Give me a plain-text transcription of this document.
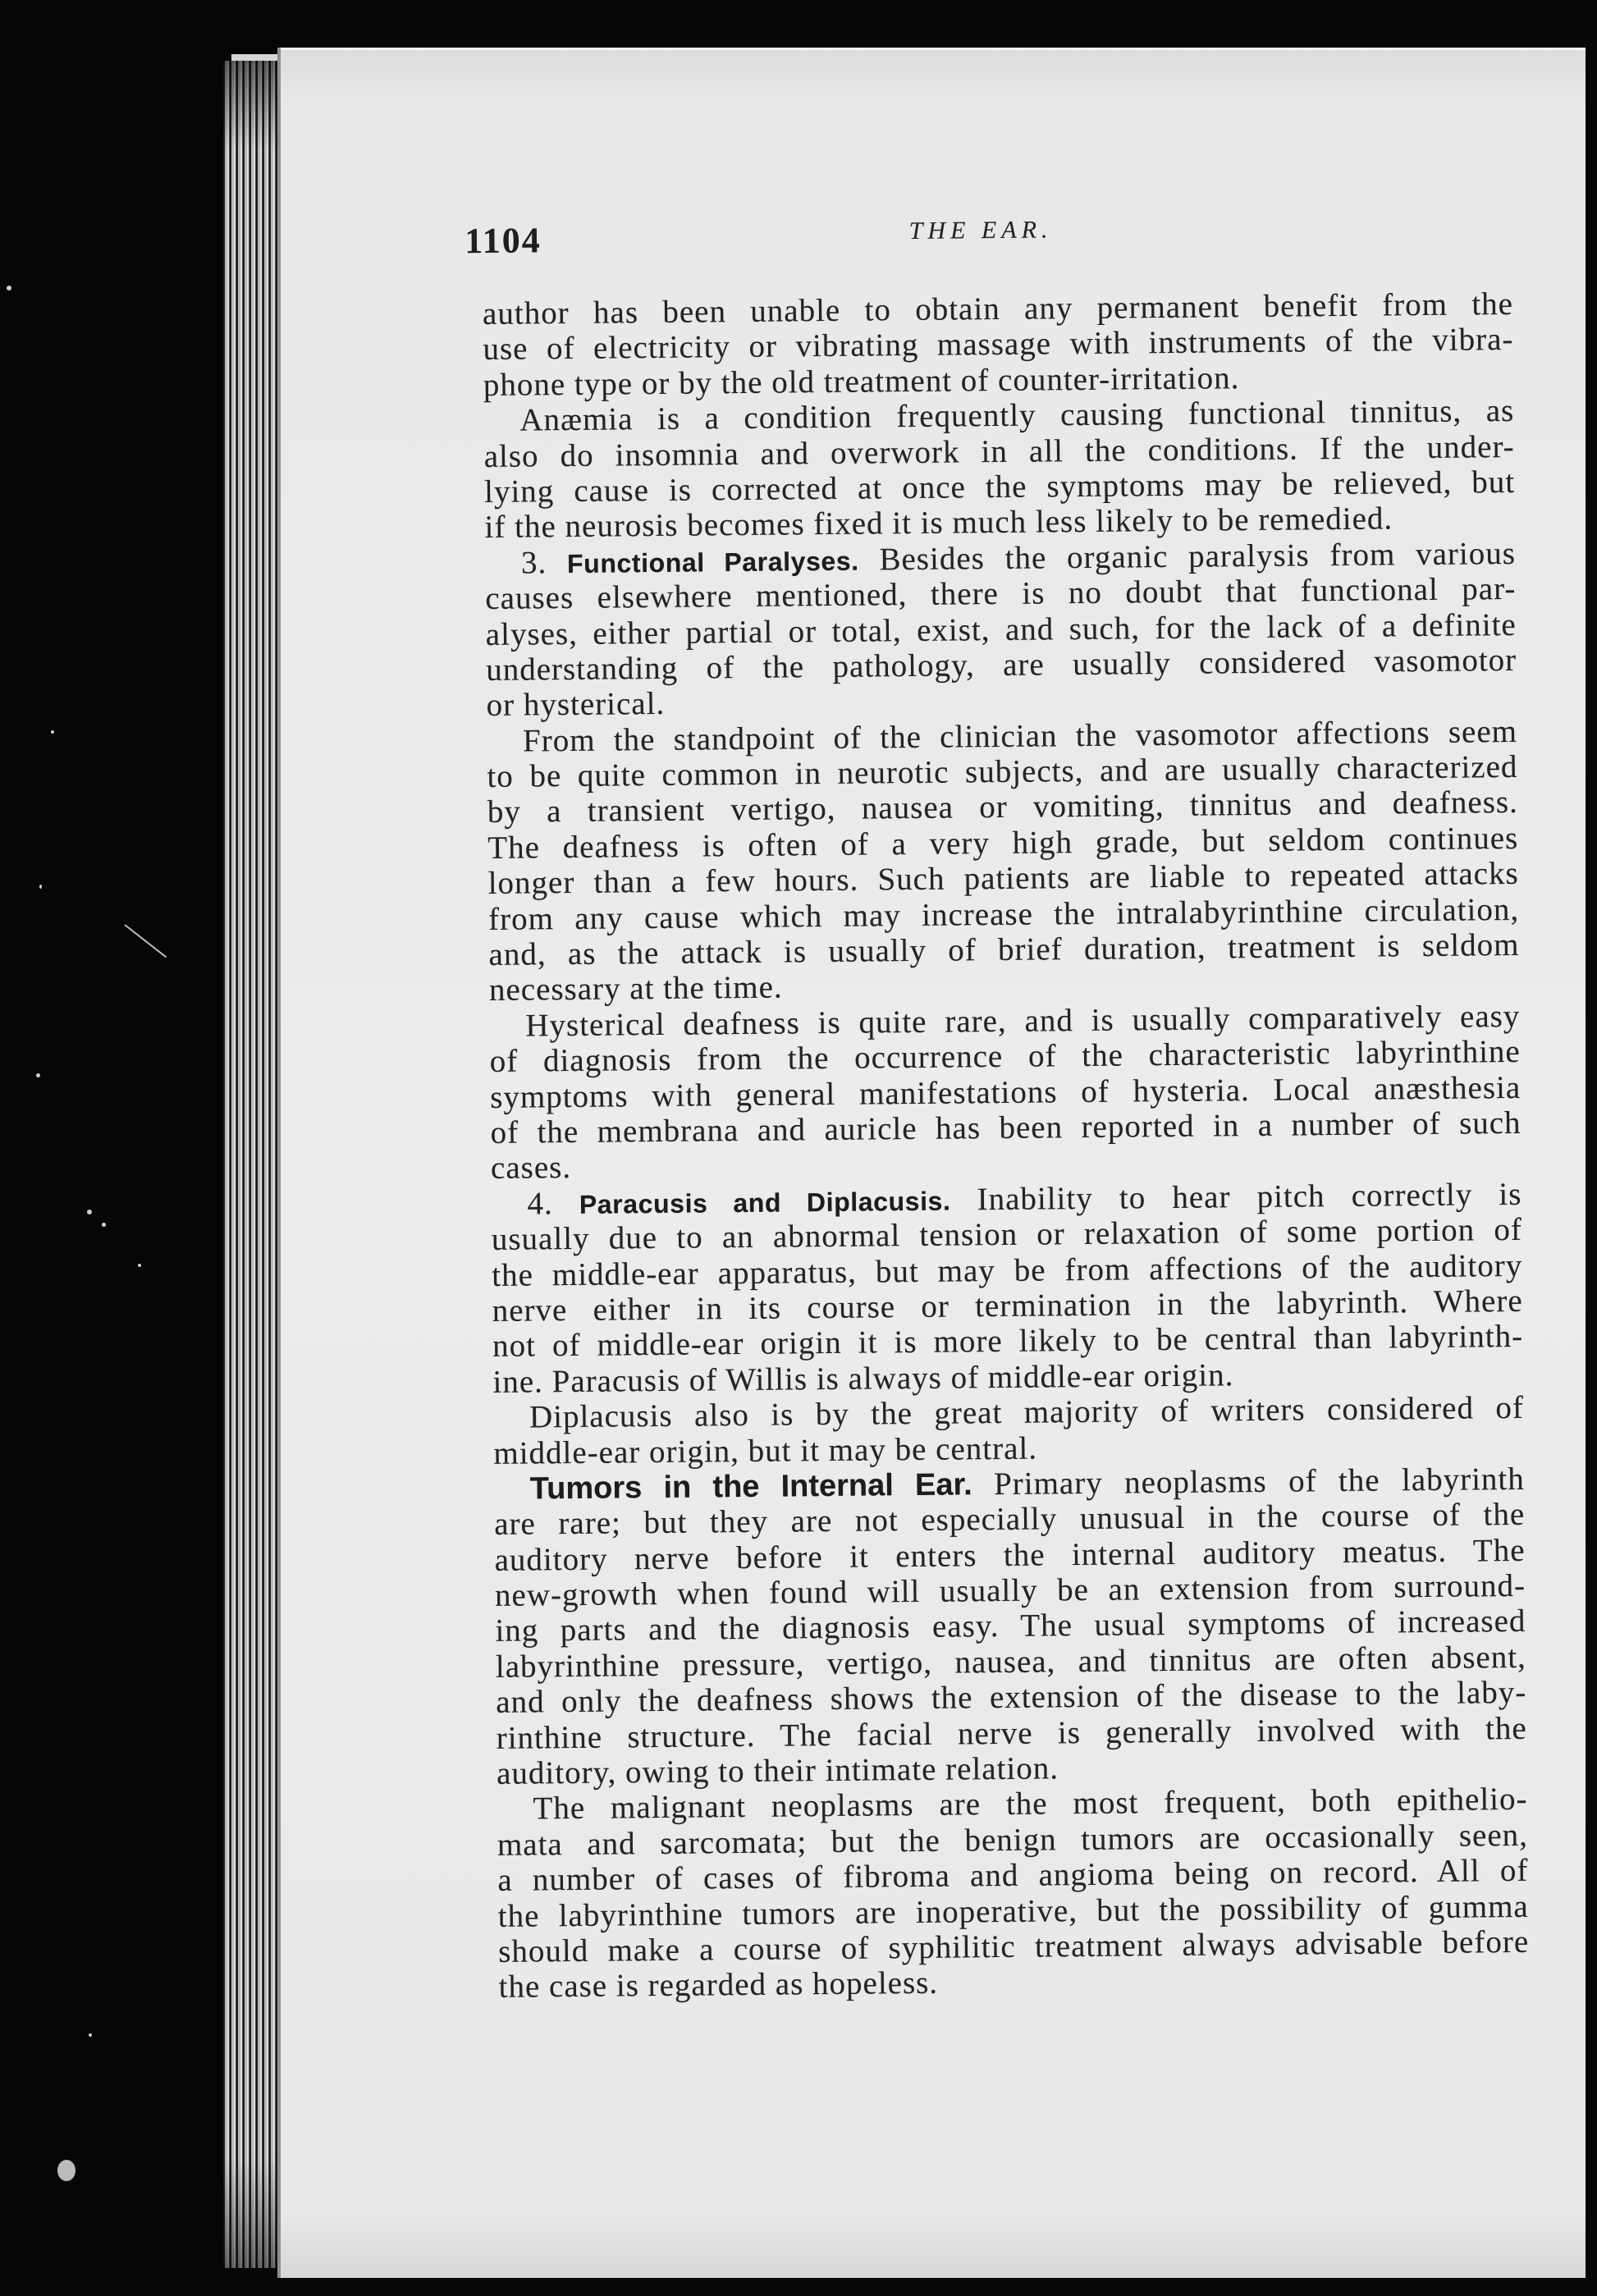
1104	THE EAR.
author has been unable to obtain any permanent benefit from the
use of electricity or vibrating massage with instruments of the vibra-
phone type or by the old treatment of counter-irritation.
Anæmia is a condition frequently causing functional tinnitus, as
also do insomnia and overwork in all the conditions. If the under-
lying cause is corrected at once the symptoms may be relieved, but
if the neurosis becomes fixed it is much less likely to be remedied.
3. Functional Paralyses. Besides the organic paralysis from various
causes elsewhere mentioned, there is no doubt that functional par-
alyses, either partial or total, exist, and such, for the lack of a definite
understanding of the pathology, are usually considered vasomotor
or hysterical.
From the standpoint of the clinician the vasomotor affections seem
to be quite common in neurotic subjects, and are usually characterized
by a transient vertigo, nausea or vomiting, tinnitus and deafness.
The deafness is often of a very high grade, but seldom continues
longer than a few hours. Such patients are liable to repeated attacks
from any cause which may increase the intralabyrinthine circulation,
and, as the attack is usually of brief duration, treatment is seldom
necessary at the time.
Hysterical deafness is quite rare, and is usually comparatively easy
of diagnosis from the occurrence of the characteristic labyrinthine
symptoms with general manifestations of hysteria. Local anæsthesia
of the membrana and auricle has been reported in a number of such
cases.
4. Paracusis and Diplacusis. Inability to hear pitch correctly is
usually due to an abnormal tension or relaxation of some portion of
the middle-ear apparatus, but may be from affections of the auditory
nerve either in its course or termination in the labyrinth. Where
not of middle-ear origin it is more likely to be central than labyrinth-
ine. Paracusis of Willis is always of middle-ear origin.
Diplacusis also is by the great majority of writers considered of
middle-ear origin, but it may be central.
Tumors in the Internal Ear. Primary neoplasms of the labyrinth
are rare; but they are not especially unusual in the course of the
auditory nerve before it enters the internal auditory meatus. The
new-growth when found will usually be an extension from surround-
ing parts and the diagnosis easy. The usual symptoms of increased
labyrinthine pressure, vertigo, nausea, and tinnitus are often absent,
and only the deafness shows the extension of the disease to the laby-
rinthine structure. The facial nerve is generally involved with the
auditory, owing to their intimate relation.
The malignant neoplasms are the most frequent, both epithelio-
mata and sarcomata; but the benign tumors are occasionally seen,
a number of cases of fibroma and angioma being on record. All of
the labyrinthine tumors are inoperative, but the possibility of gumma
should make a course of syphilitic treatment always advisable before
the case is regarded as hopeless.
